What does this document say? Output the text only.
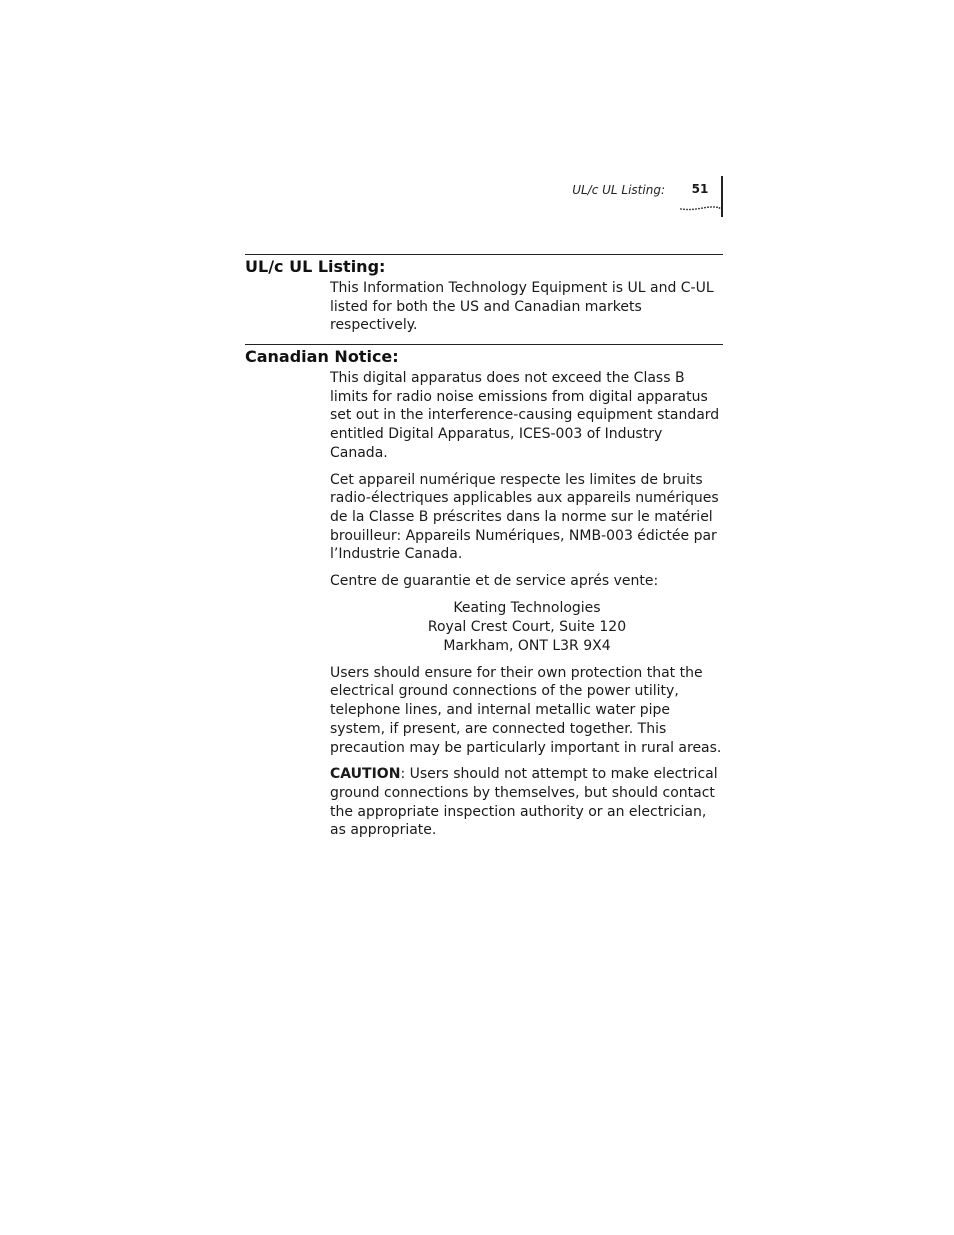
UL/c UL Listing:	51
UL/c UL Listing:

This Information Technology Equipment is UL and C-UL listed for both the US and Canadian markets respectively.

Canadian Notice:

This digital apparatus does not exceed the Class B limits for radio noise emissions from digital apparatus set out in the interference-causing equipment standard entitled Digital Apparatus, ICES-003 of Industry Canada.

Cet appareil numérique respecte les limites de bruits radio-électriques applicables aux appareils numériques de la Classe B préscrites dans la norme sur le matériel brouilleur: Appareils Numériques, NMB-003 édictée par l’Industrie Canada.

Centre de guarantie et de service aprés vente:

Keating Technologies
Royal Crest Court, Suite 120
Markham, ONT L3R 9X4

Users should ensure for their own protection that the electrical ground connections of the power utility, telephone lines, and internal metallic water pipe system, if present, are connected together. This precaution may be particularly important in rural areas.

CAUTION: Users should not attempt to make electrical ground connections by themselves, but should contact the appropriate inspection authority or an electrician, as appropriate.
